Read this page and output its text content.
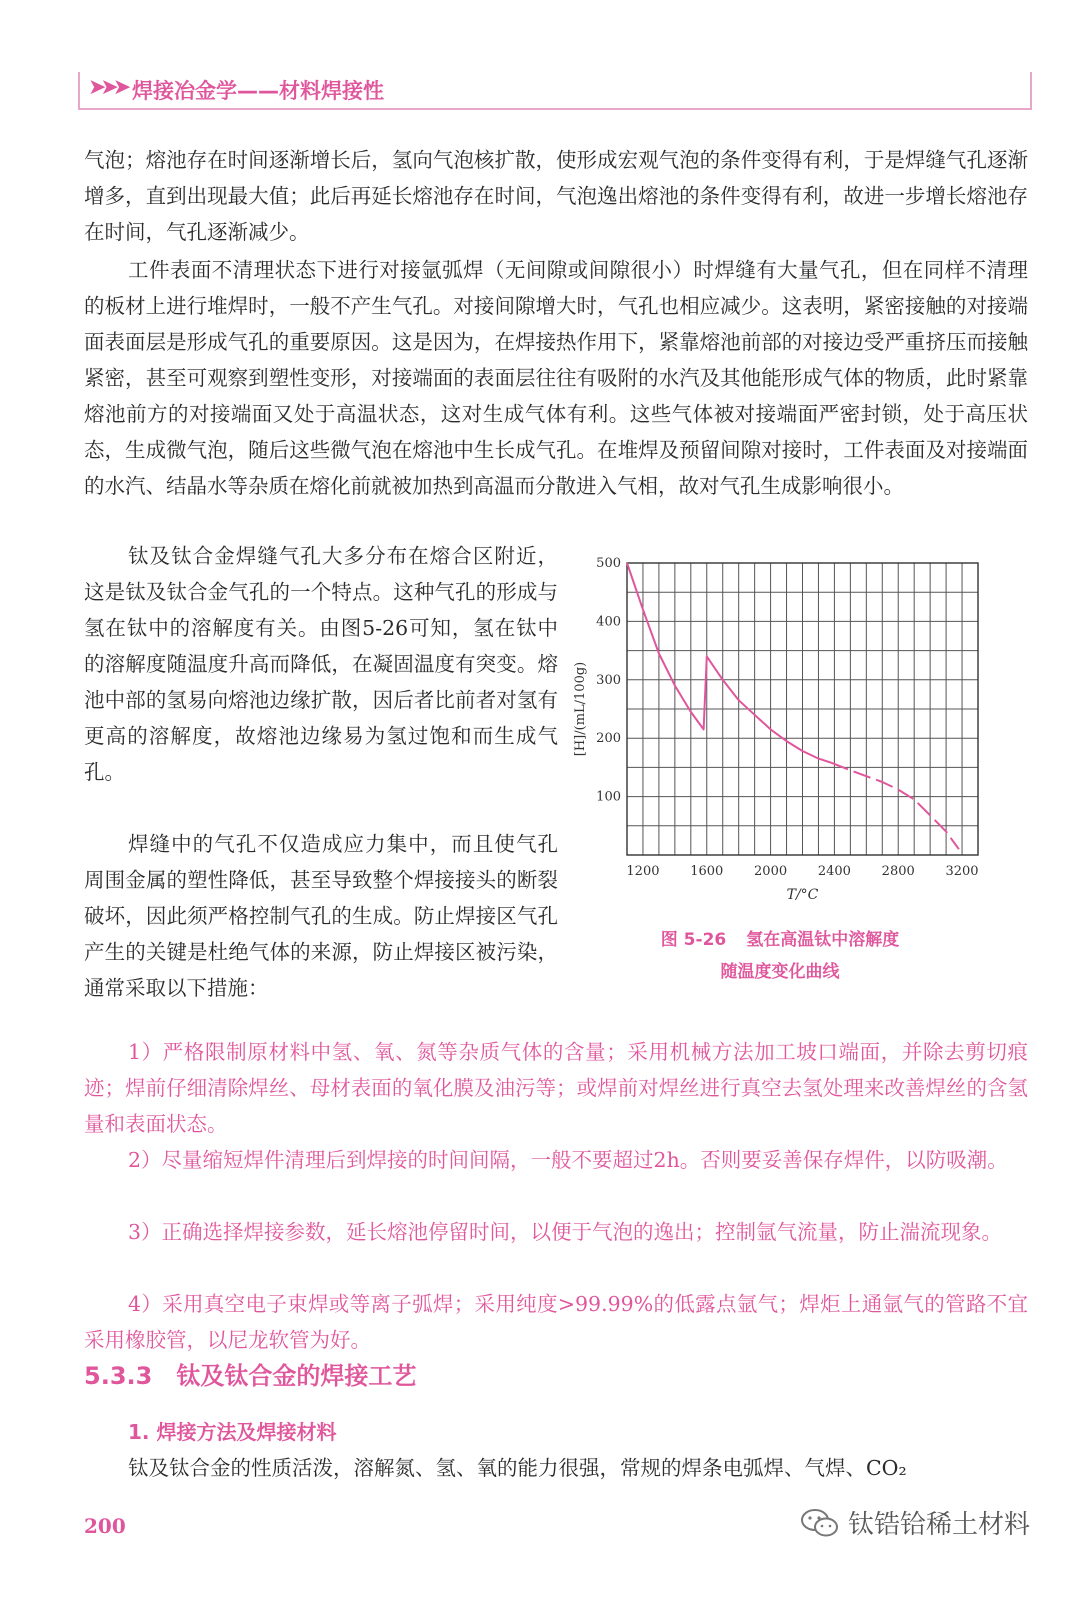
➤➤➤ 焊接冶金学——材料焊接性

气泡；熔池存在时间逐渐增长后，氢向气泡核扩散，使形成宏观气泡的条件变得有利，于是焊缝气孔逐渐增多，直到出现最大值；此后再延长熔池存在时间，气泡逸出熔池的条件变得有利，故进一步增长熔池存在时间，气孔逐渐减少。

工件表面不清理状态下进行对接氩弧焊（无间隙或间隙很小）时焊缝有大量气孔，但在同样不清理的板材上进行堆焊时，一般不产生气孔。对接间隙增大时，气孔也相应减少。这表明，紧密接触的对接端面表面层是形成气孔的重要原因。这是因为，在焊接热作用下，紧靠熔池前部的对接边受严重挤压而接触紧密，甚至可观察到塑性变形，对接端面的表面层往往有吸附的水汽及其他能形成气体的物质，此时紧靠熔池前方的对接端面又处于高温状态，这对生成气体有利。这些气体被对接端面严密封锁，处于高压状态，生成微气泡，随后这些微气泡在熔池中生长成气孔。在堆焊及预留间隙对接时，工件表面及对接端面的水汽、结晶水等杂质在熔化前就被加热到高温而分散进入气相，故对气孔生成影响很小。

钛及钛合金焊缝气孔大多分布在熔合区附近，这是钛及钛合金气孔的一个特点。这种气孔的形成与氢在钛中的溶解度有关。由图5-26可知，氢在钛中的溶解度随温度升高而降低，在凝固温度有突变。熔池中部的氢易向熔池边缘扩散，因后者比前者对氢有更高的溶解度，故熔池边缘易为氢过饱和而生成气孔。

焊缝中的气孔不仅造成应力集中，而且使气孔周围金属的塑性降低，甚至导致整个焊接接头的断裂破坏，因此须严格控制气孔的生成。防止焊接区气孔产生的关键是杜绝气体的来源，防止焊接区被污染，通常采取以下措施：

100
200
300
400
500
1200 1600 2000 2400 2800 3200
T/°C
[H]/(mL/100g)
图 5-26 氢在高温钛中溶解度
随温度变化曲线

1）严格限制原材料中氢、氧、氮等杂质气体的含量；采用机械方法加工坡口端面，并除去剪切痕迹；焊前仔细清除焊丝、母材表面的氧化膜及油污等；或焊前对焊丝进行真空去氢处理来改善焊丝的含氢量和表面状态。

2）尽量缩短焊件清理后到焊接的时间间隔，一般不要超过2h。否则要妥善保存焊件，以防吸潮。

3）正确选择焊接参数，延长熔池停留时间，以便于气泡的逸出；控制氩气流量，防止湍流现象。

4）采用真空电子束焊或等离子弧焊；采用纯度>99.99%的低露点氩气；焊炬上通氩气的管路不宜采用橡胶管，以尼龙软管为好。

5.3.3 钛及钛合金的焊接工艺
1. 焊接方法及焊接材料

钛及钛合金的性质活泼，溶解氮、氢、氧的能力很强，常规的焊条电弧焊、气焊、CO₂

200	钛锆铪稀土材料
